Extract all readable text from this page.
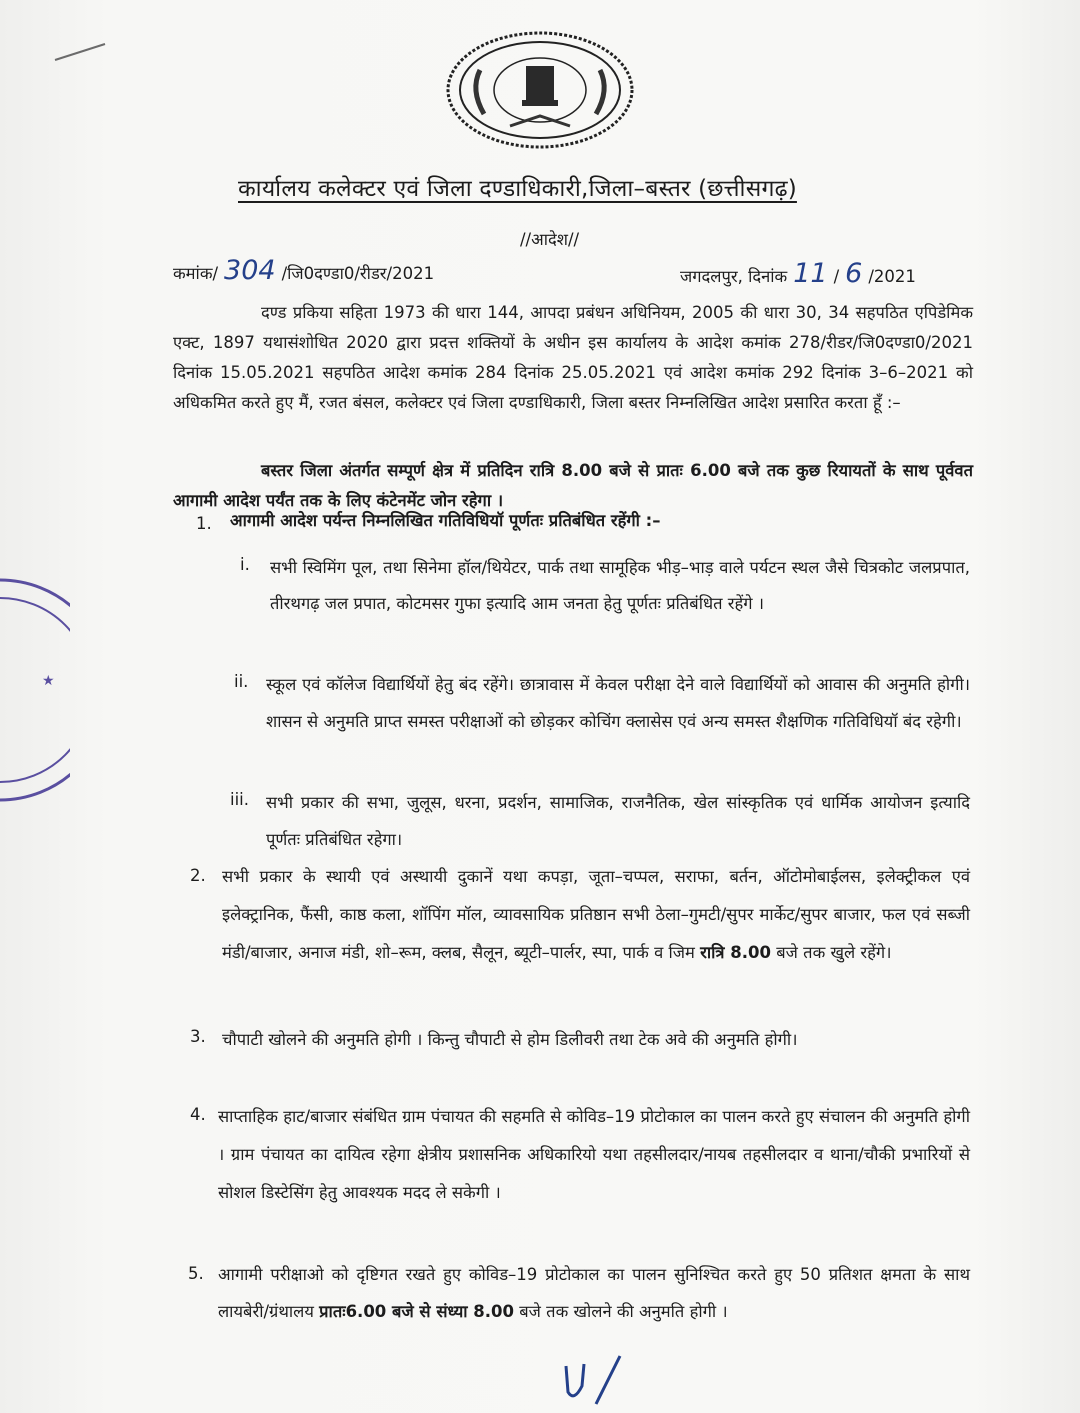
★
कार्यालय कलेक्टर एवं जिला दण्डाधिकारी,जिला–बस्तर (छत्तीसगढ़)
//आदेश//
कमांक/ 304 /जि0दण्डा0/रीडर/2021	जगदलपुर, दिनांक 11 / 6 /2021
दण्ड प्रकिया सहिता 1973 की धारा 144, आपदा प्रबंधन अधिनियम, 2005 की धारा 30, 34 सहपठित एपिडेमिक एक्ट, 1897 यथासंशोधित 2020 द्वारा प्रदत्त शक्तियों के अधीन इस कार्यालय के आदेश कमांक 278/रीडर/जि0दण्डा0/2021 दिनांक 15.05.2021 सहपठित आदेश कमांक 284 दिनांक 25.05.2021 एवं आदेश कमांक 292 दिनांक 3–6–2021 को अधिकमित करते हुए मैं, रजत बंसल, कलेक्टर एवं जिला दण्डाधिकारी, जिला बस्तर निम्नलिखित आदेश प्रसारित करता हूँ :–
बस्तर जिला अंतर्गत सम्पूर्ण क्षेत्र में प्रतिदिन रात्रि 8.00 बजे से प्रातः 6.00 बजे तक कुछ रियायतों के साथ पूर्ववत आगामी आदेश पर्यंत तक के लिए कंटेनमेंट जोन रहेगा ।
1. आगामी आदेश पर्यन्त निम्नलिखित गतिविधियॉ पूर्णतः प्रतिबंधित रहेंगी :–
i. सभी स्विमिंग पूल, तथा सिनेमा हॉल/थियेटर, पार्क तथा सामूहिक भीड़–भाड़ वाले पर्यटन स्थल जैसे चित्रकोट जलप्रपात, तीरथगढ़ जल प्रपात, कोटमसर गुफा इत्यादि आम जनता हेतु पूर्णतः प्रतिबंधित रहेंगे ।
ii. स्कूल एवं कॉलेज विद्यार्थियों हेतु बंद रहेंगे। छात्रावास में केवल परीक्षा देने वाले विद्यार्थियों को आवास की अनुमति होगी। शासन से अनुमति प्राप्त समस्त परीक्षाओं को छोड़कर कोचिंग क्लासेस एवं अन्य समस्त शैक्षणिक गतिविधियॉ बंद रहेगी।
iii. सभी प्रकार की सभा, जुलूस, धरना, प्रदर्शन, सामाजिक, राजनैतिक, खेल सांस्कृतिक एवं धार्मिक आयोजन इत्यादि पूर्णतः प्रतिबंधित रहेगा।
2. सभी प्रकार के स्थायी एवं अस्थायी दुकानें यथा कपड़ा, जूता–चप्पल, सराफा, बर्तन, ऑटोमोबाईलस, इलेक्ट्रीकल एवं इलेक्ट्रानिक, फैंसी, काष्ठ कला, शॉपिंग मॉल, व्यावसायिक प्रतिष्ठान सभी ठेला–गुमटी/सुपर मार्केट/सुपर बाजार, फल एवं सब्जी मंडी/बाजार, अनाज मंडी, शो–रूम, क्लब, सैलून, ब्यूटी–पार्लर, स्पा, पार्क व जिम रात्रि 8.00 बजे तक खुले रहेंगे।
3. चौपाटी खोलने की अनुमति होगी । किन्तु चौपाटी से होम डिलीवरी तथा टेक अवे की अनुमति होगी।
4. साप्ताहिक हाट/बाजार संबंधित ग्राम पंचायत की सहमति से कोविड–19 प्रोटोकाल का पालन करते हुए संचालन की अनुमति होगी । ग्राम पंचायत का दायित्व रहेगा क्षेत्रीय प्रशासनिक अधिकारियो यथा तहसीलदार/नायब तहसीलदार व थाना/चौकी प्रभारियों से सोशल डिस्टेसिंग हेतु आवश्यक मदद ले सकेगी ।
5. आगामी परीक्षाओ को दृष्टिगत रखते हुए कोविड–19 प्रोटोकाल का पालन सुनिश्चित करते हुए 50 प्रतिशत क्षमता के साथ लायबेरी/ग्रंथालय प्रातः6.00 बजे से संध्या 8.00 बजे तक खोलने की अनुमति होगी ।
